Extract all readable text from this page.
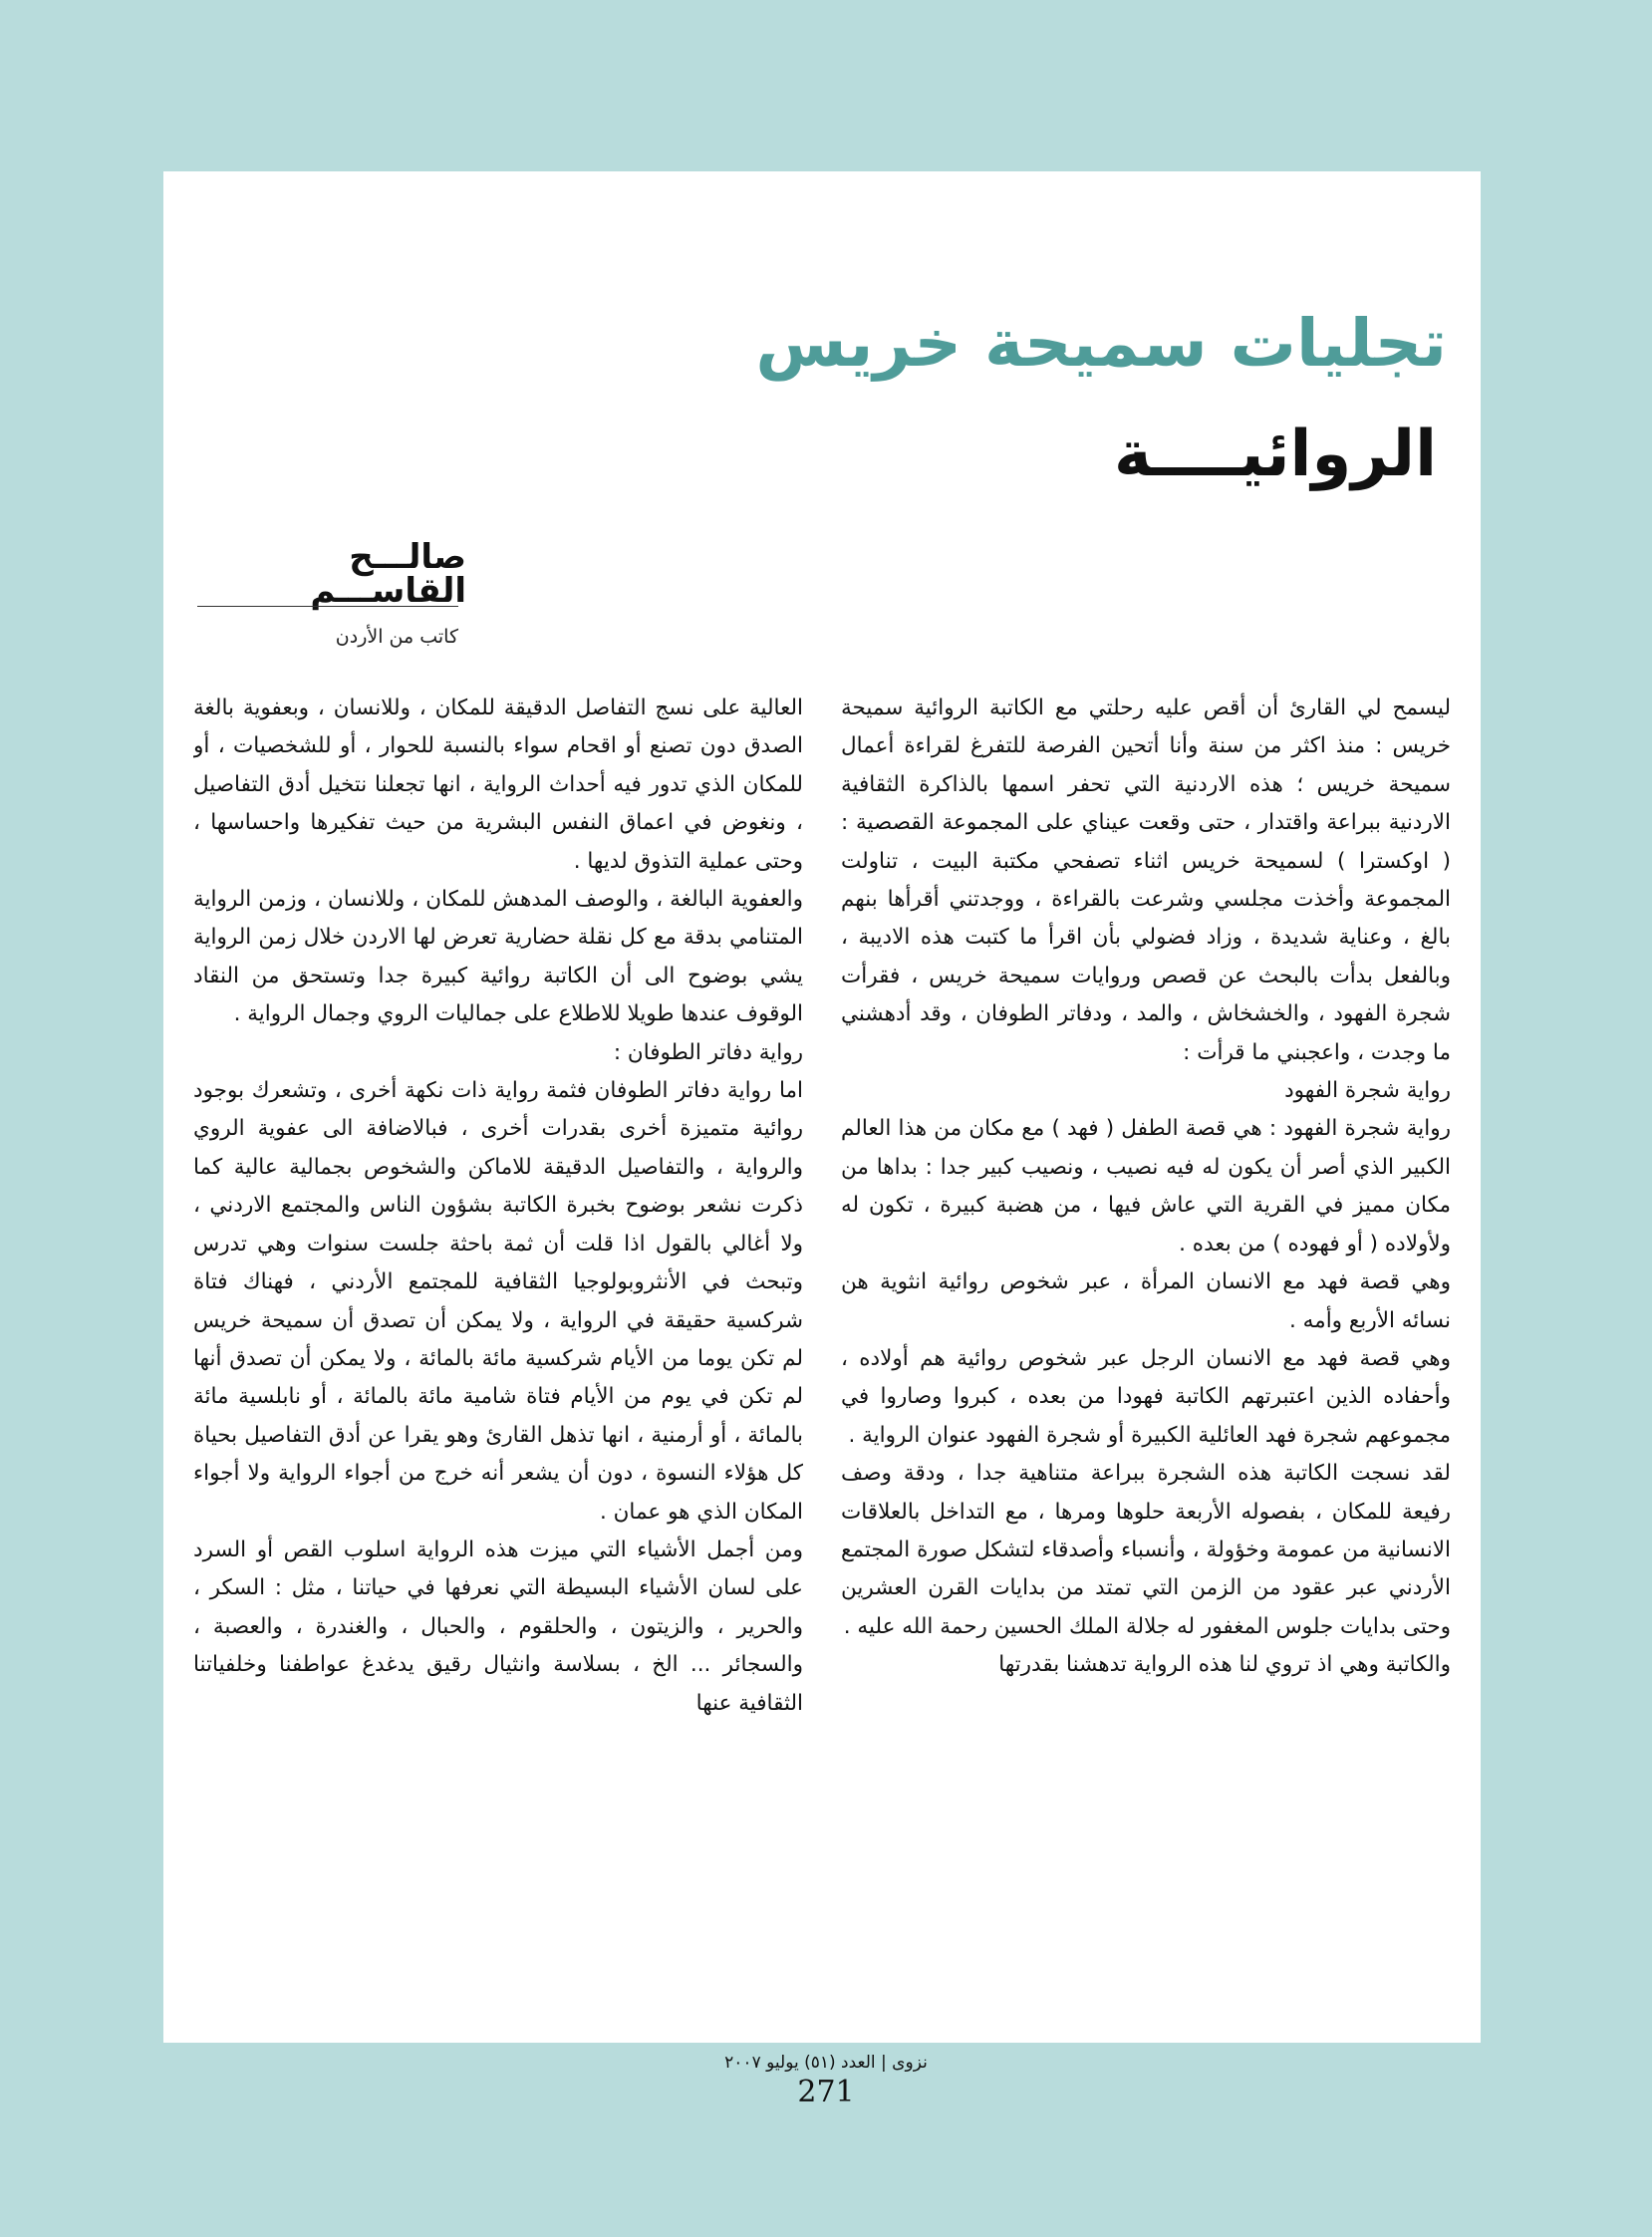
تجليات سميحة خريس
الروائيــــة

صالـــح القاســـم

كاتب من الأردن

ليسمح لي القارئ أن أقص عليه رحلتي مع الكاتبة الروائية سميحة خريس : منذ اكثر من سنة وأنا أتحين الفرصة للتفرغ لقراءة أعمال سميحة خريس ؛ هذه الاردنية التي تحفر اسمها بالذاكرة الثقافية الاردنية ببراعة واقتدار ، حتى وقعت عيناي على المجموعة القصصية : ( اوكسترا ) لسميحة خريس اثناء تصفحي مكتبة البيت ، تناولت المجموعة وأخذت مجلسي وشرعت بالقراءة ، ووجدتني أقرأها بنهم بالغ ، وعناية شديدة ، وزاد فضولي بأن اقرأ ما كتبت هذه الاديبة ، وبالفعل بدأت بالبحث عن قصص وروايات سميحة خريس ، فقرأت شجرة الفهود ، والخشخاش ، والمد ، ودفاتر الطوفان ، وقد أدهشني ما وجدت ، واعجبني ما قرأت :

رواية شجرة الفهود

رواية شجرة الفهود : هي قصة الطفل ( فهد ) مع مكان من هذا العالم الكبير الذي أصر أن يكون له فيه نصيب ، ونصيب كبير جدا : بداها من مكان مميز في القرية التي عاش فيها ، من هضبة كبيرة ، تكون له ولأولاده ( أو فهوده ) من بعده .

وهي قصة فهد مع الانسان المرأة ، عبر شخوص روائية انثوية هن نسائه الأربع وأمه .

وهي قصة فهد مع الانسان الرجل عبر شخوص روائية هم أولاده ، وأحفاده الذين اعتبرتهم الكاتبة فهودا من بعده ، كبروا وصاروا في مجموعهم شجرة فهد العائلية الكبيرة أو شجرة الفهود عنوان الرواية .

لقد نسجت الكاتبة هذه الشجرة ببراعة متناهية جدا ، ودقة وصف رفيعة للمكان ، بفصوله الأربعة حلوها ومرها ، مع التداخل بالعلاقات الانسانية من عمومة وخؤولة ، وأنسباء وأصدقاء لتشكل صورة المجتمع الأردني عبر عقود من الزمن التي تمتد من بدايات القرن العشرين وحتى بدايات جلوس المغفور له جلالة الملك الحسين رحمة الله عليه .

والكاتبة وهي اذ تروي لنا هذه الرواية تدهشنا بقدرتها

العالية على نسج التفاصل الدقيقة للمكان ، وللانسان ، وبعفوية بالغة الصدق دون تصنع أو اقحام سواء بالنسبة للحوار ، أو للشخصيات ، أو للمكان الذي تدور فيه أحداث الرواية ، انها تجعلنا نتخيل أدق التفاصيل ، ونغوض في اعماق النفس البشرية من حيث تفكيرها واحساسها ، وحتى عملية التذوق لديها .

والعفوية البالغة ، والوصف المدهش للمكان ، وللانسان ، وزمن الرواية المتنامي بدقة مع كل نقلة حضارية تعرض لها الاردن خلال زمن الرواية يشي بوضوح الى أن الكاتبة روائية كبيرة جدا وتستحق من النقاد الوقوف عندها طويلا للاطلاع على جماليات الروي وجمال الرواية .

رواية دفاتر الطوفان :

اما رواية دفاتر الطوفان فثمة رواية ذات نكهة أخرى ، وتشعرك بوجود روائية متميزة أخرى بقدرات أخرى ، فبالاضافة الى عفوية الروي والرواية ، والتفاصيل الدقيقة للاماكن والشخوص بجمالية عالية كما ذكرت نشعر بوضوح بخبرة الكاتبة بشؤون الناس والمجتمع الاردني ، ولا أغالي بالقول اذا قلت أن ثمة باحثة جلست سنوات وهي تدرس وتبحث في الأنثروبولوجيا الثقافية للمجتمع الأردني ، فهناك فتاة شركسية حقيقة في الرواية ، ولا يمكن أن تصدق أن سميحة خريس لم تكن يوما من الأيام شركسية مائة بالمائة ، ولا يمكن أن تصدق أنها لم تكن في يوم من الأيام فتاة شامية مائة بالمائة ، أو نابلسية مائة بالمائة ، أو أرمنية ، انها تذهل القارئ وهو يقرا عن أدق التفاصيل بحياة كل هؤلاء النسوة ، دون أن يشعر أنه خرج من أجواء الرواية ولا أجواء المكان الذي هو عمان .

ومن أجمل الأشياء التي ميزت هذه الرواية اسلوب القص أو السرد على لسان الأشياء البسيطة التي نعرفها في حياتنا ، مثل : السكر ، والحرير ، والزيتون ، والحلقوم ، والحبال ، والغندرة ، والعصبة ، والسجائر ... الخ ، بسلاسة وانثيال رقيق يدغدغ عواطفنا وخلفياتنا الثقافية عنها

نزوى | العدد (٥١) يوليو ٢٠٠٧

271
